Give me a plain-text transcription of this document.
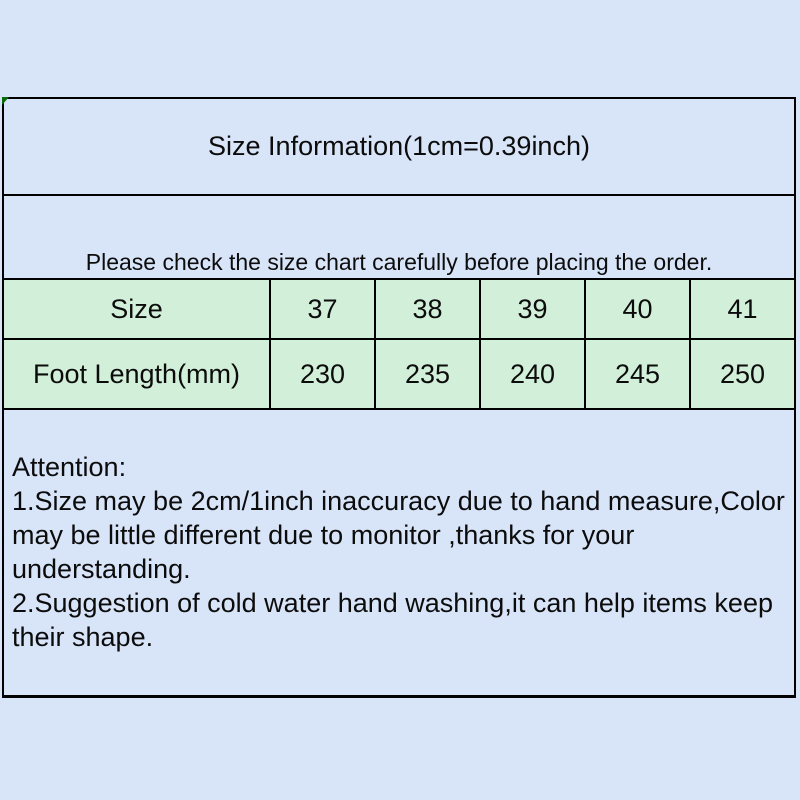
Size Information(1cm=0.39inch)
Please check the size chart carefully before placing the order.
Size	37	38	39	40	41
Foot Length(mm)	230	235	240	245	250
Attention:
1.Size may be 2cm/1inch inaccuracy due to hand measure,Color
may be little different due to monitor ,thanks for your
understanding.
2.Suggestion of cold water hand washing,it can help items keep
their shape.
